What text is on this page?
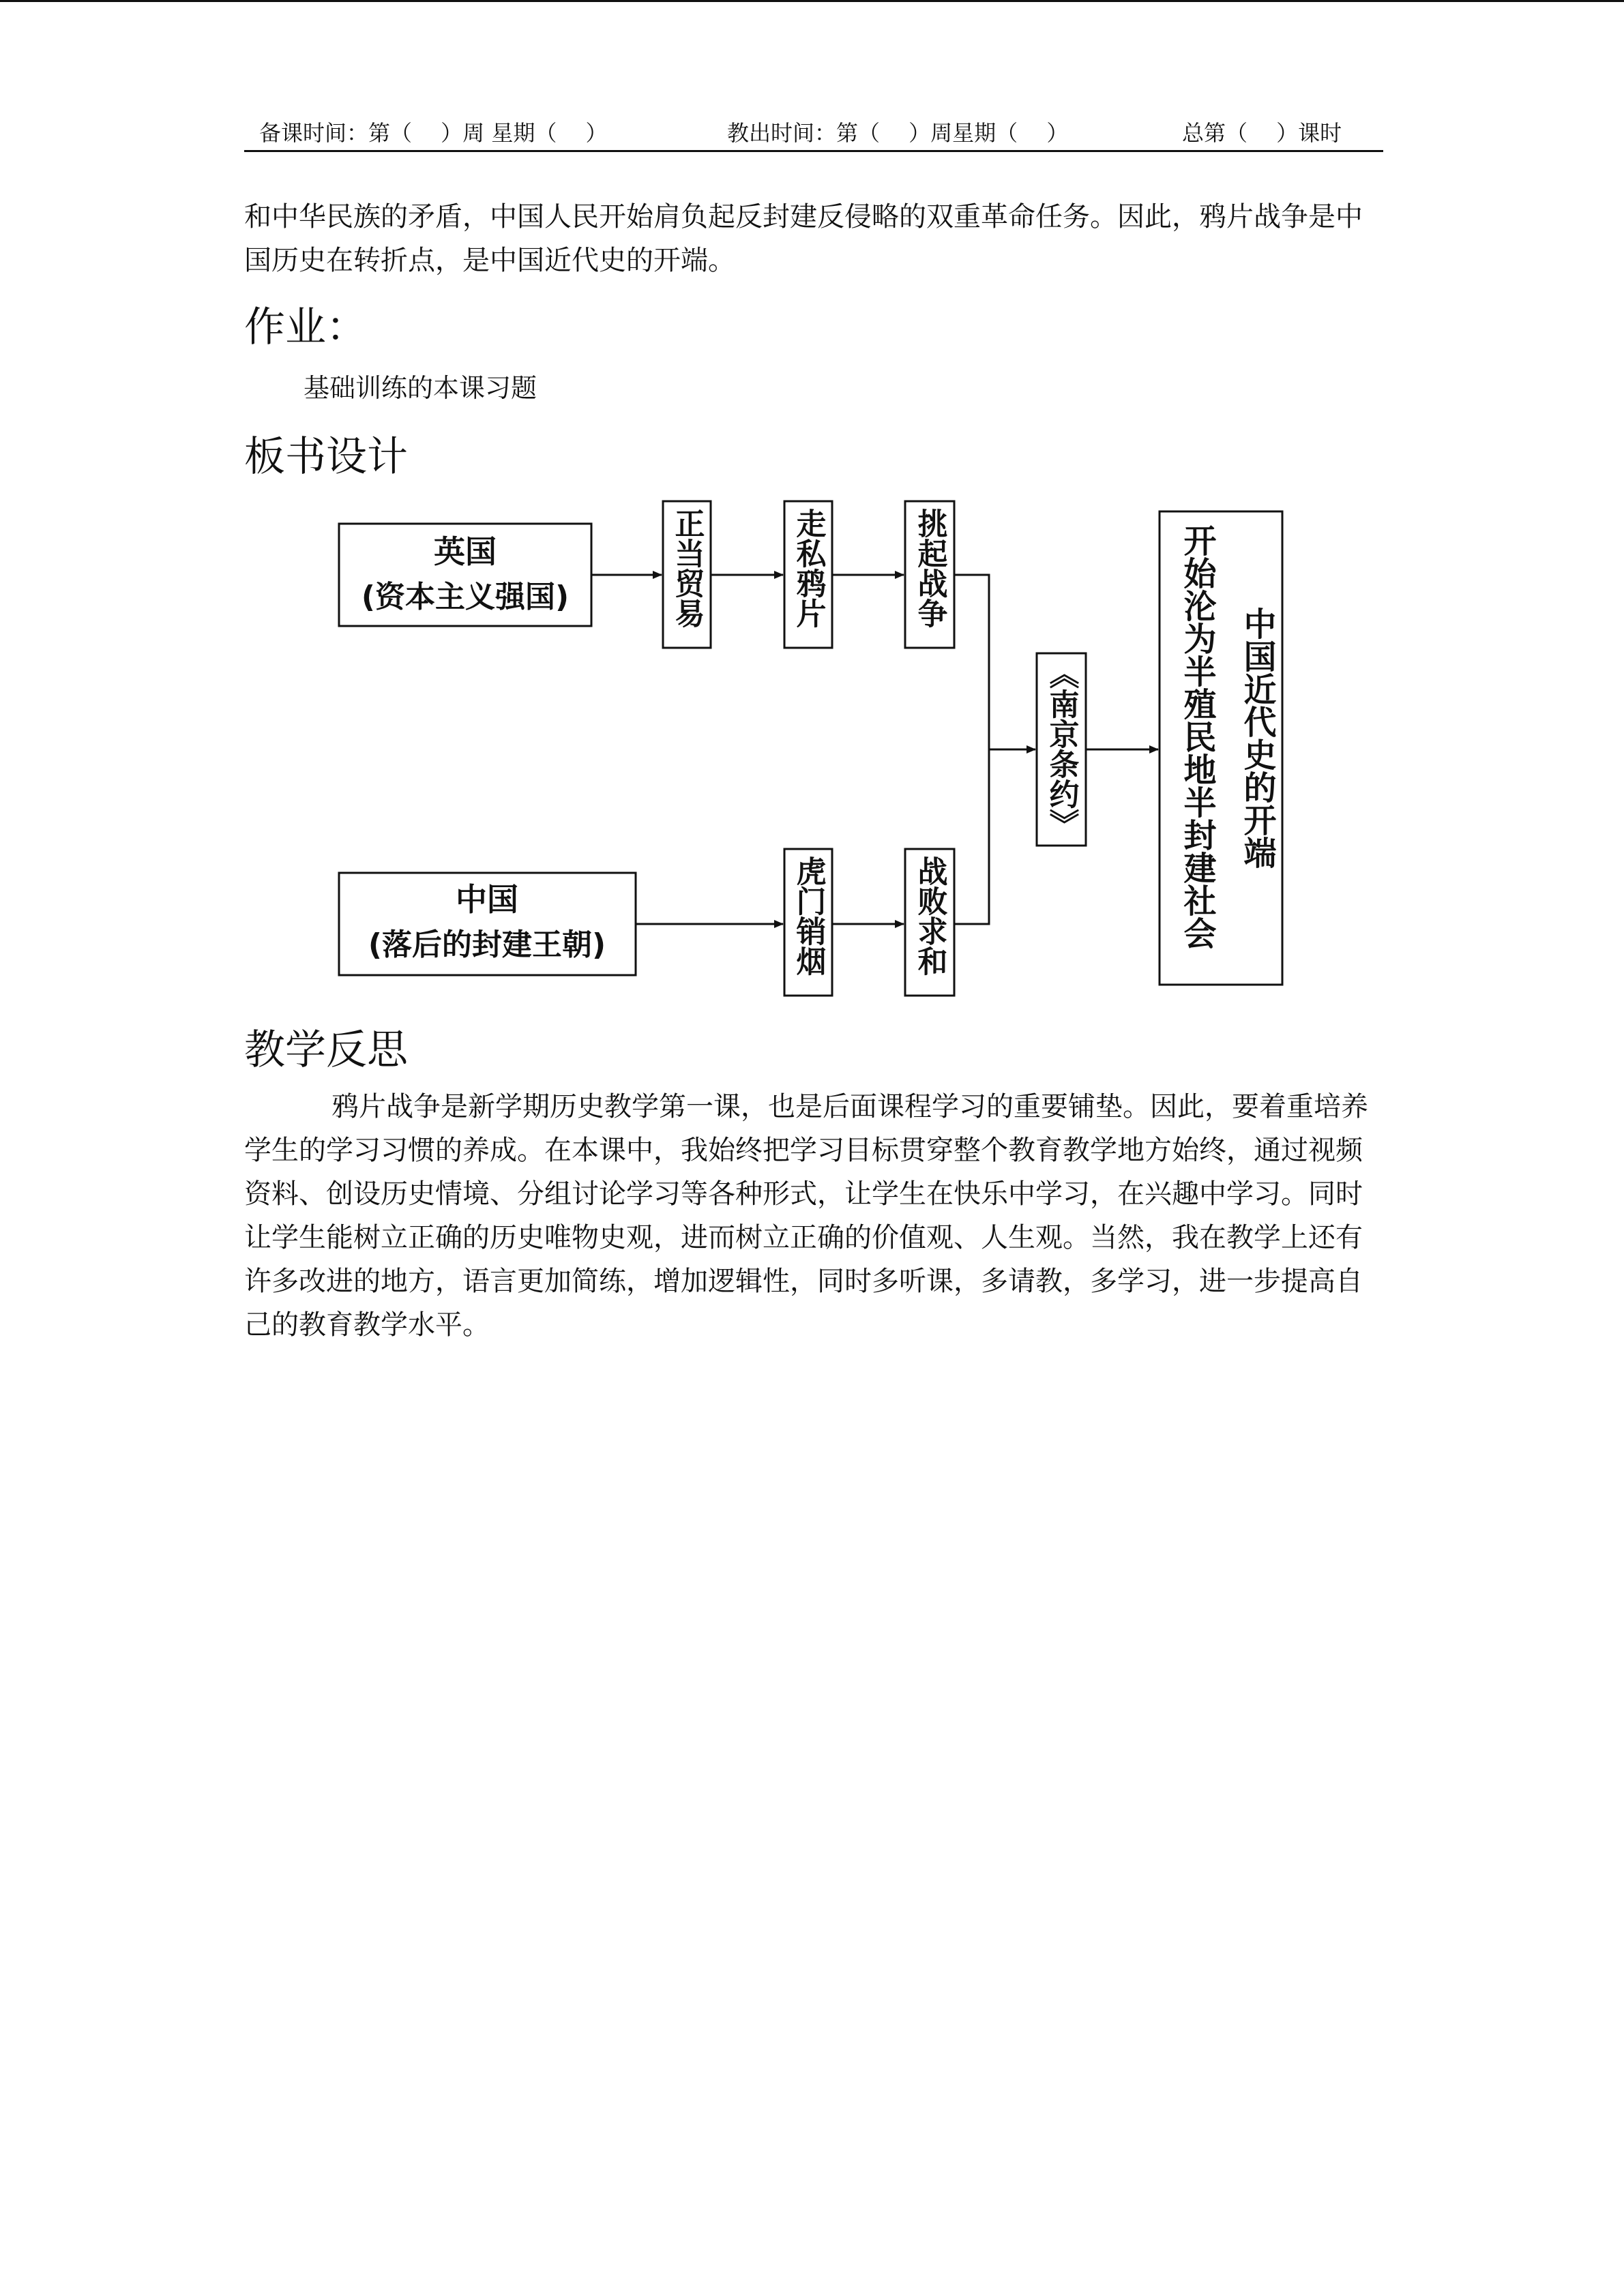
备课时间：第（　 ）周 星期（　 ）	教出时间：第（　 ）周星期（　 ）	总第（　 ）课时

和中华民族的矛盾，中国人民开始肩负起反封建反侵略的双重革命任务。因此，鸦片战争是中国历史在转折点，是中国近代史的开端。

作业：
基础训练的本课习题
板书设计
英国
(资本主义强国)
中国
(落后的封建王朝)
正当贸易	走私鸦片	挑起战争
虎门销烟	战败求和
《南京条约》	开始沦为半殖民地半封建社会 中国近代史的开端
教学反思

鸦片战争是新学期历史教学第一课，也是后面课程学习的重要铺垫。因此，要着重培养学生的学习习惯的养成。在本课中，我始终把学习目标贯穿整个教育教学地方始终，通过视频资料、创设历史情境、分组讨论学习等各种形式，让学生在快乐中学习，在兴趣中学习。同时让学生能树立正确的历史唯物史观，进而树立正确的价值观、人生观。当然，我在教学上还有许多改进的地方，语言更加简练，增加逻辑性，同时多听课，多请教，多学习，进一步提高自己的教育教学水平。
